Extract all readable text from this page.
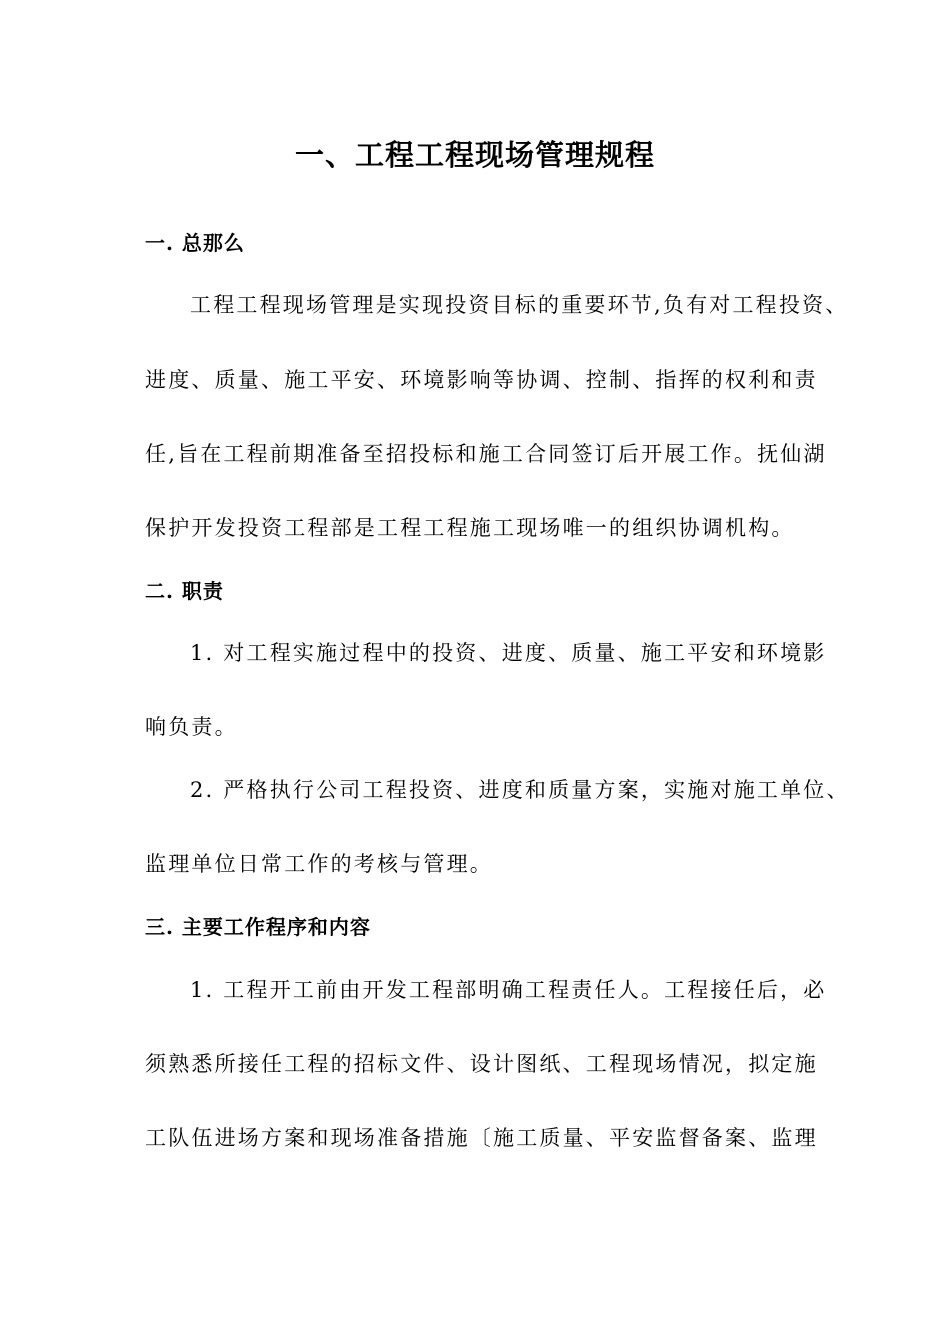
一、工程工程现场管理规程
一. 总那么
工程工程现场管理是实现投资目标的重要环节,负有对工程投资、
进度、质量、施工平安、环境影响等协调、控制、指挥的权利和责
任,旨在工程前期准备至招投标和施工合同签订后开展工作。抚仙湖
保护开发投资工程部是工程工程施工现场唯一的组织协调机构。
二. 职责
1. 对工程实施过程中的投资、进度、质量、施工平安和环境影
响负责。
2. 严格执行公司工程投资、进度和质量方案，实施对施工单位、
监理单位日常工作的考核与管理。
三. 主要工作程序和内容
1. 工程开工前由开发工程部明确工程责任人。工程接任后，必
须熟悉所接任工程的招标文件、设计图纸、工程现场情况，拟定施
工队伍进场方案和现场准备措施〔施工质量、平安监督备案、监理
